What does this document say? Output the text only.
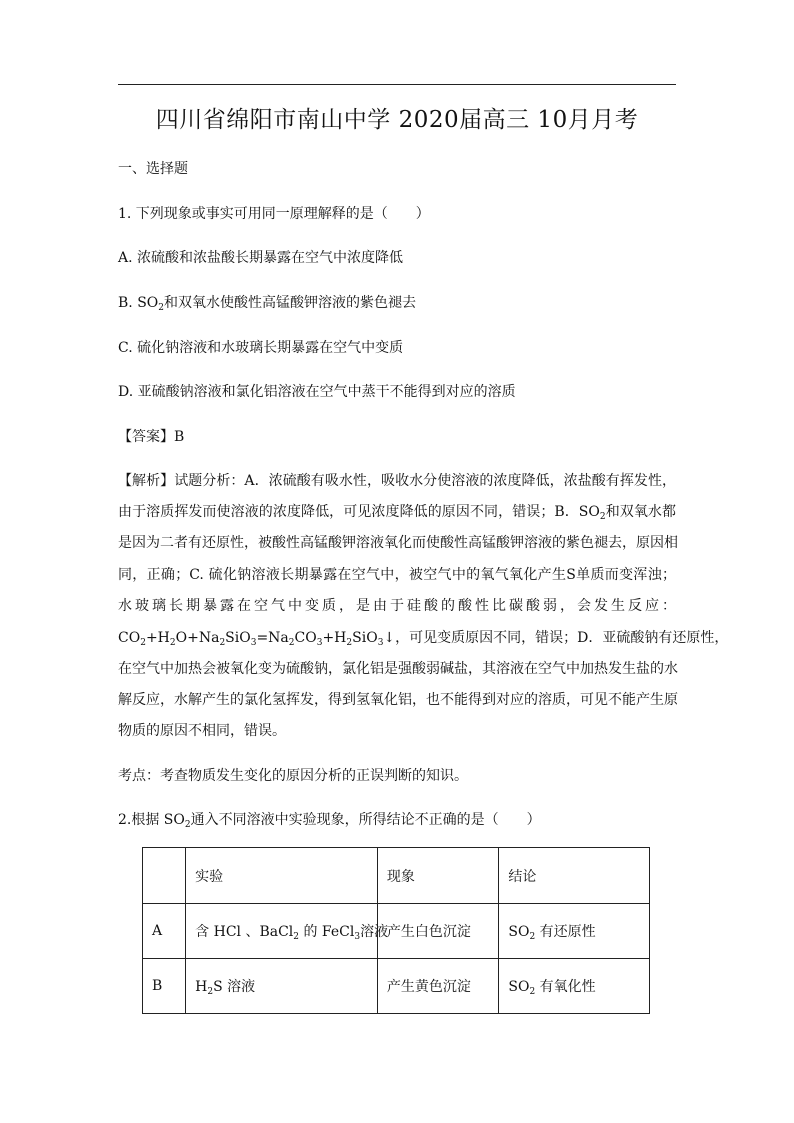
四川省绵阳市南山中学 2020届高三 10月月考
一、选择题
1. 下列现象或事实可用同一原理解释的是（　　）
A. 浓硫酸和浓盐酸长期暴露在空气中浓度降低
B. $SO_2$和双氧水使酸性高锰酸钾溶液的紫色褪去
C. 硫化钠溶液和水玻璃长期暴露在空气中变质
D. 亚硫酸钠溶液和氯化铝溶液在空气中蒸干不能得到对应的溶质
【答案】B
【解析】试题分析：A．浓硫酸有吸水性，吸收水分使溶液的浓度降低，浓盐酸有挥发性，
由于溶质挥发而使溶液的浓度降低，可见浓度降低的原因不同，错误；B．$SO_2$和双氧水都
是因为二者有还原性，被酸性高锰酸钾溶液氧化而使酸性高锰酸钾溶液的紫色褪去，原因相
同，正确；C. 硫化钠溶液长期暴露在空气中，被空气中的氧气氧化产生S单质而变浑浊；
水玻璃长期暴露在空气中变质，是由于硅酸的酸性比碳酸弱，会发生反应：
$CO_2+H_2O+Na_2SiO_3=Na_2CO_3+H_2SiO_3↓$，可见变质原因不同，错误；D．亚硫酸钠有还原性，
在空气中加热会被氧化变为硫酸钠，氯化铝是强酸弱碱盐，其溶液在空气中加热发生盐的水
解反应，水解产生的氯化氢挥发，得到氢氧化铝，也不能得到对应的溶质，可见不能产生原
物质的原因不相同，错误。
考点：考查物质发生变化的原因分析的正误判断的知识。
2.根据 $SO_2$通入不同溶液中实验现象，所得结论不正确的是（　　）
	实验	现象	结论
A	含 HCl 、BaCl$_2$ 的 FeCl$_3$溶液	产生白色沉淀	$SO_2$ 有还原性
B	$H_2S$ 溶液	产生黄色沉淀	$SO_2$ 有氧化性
